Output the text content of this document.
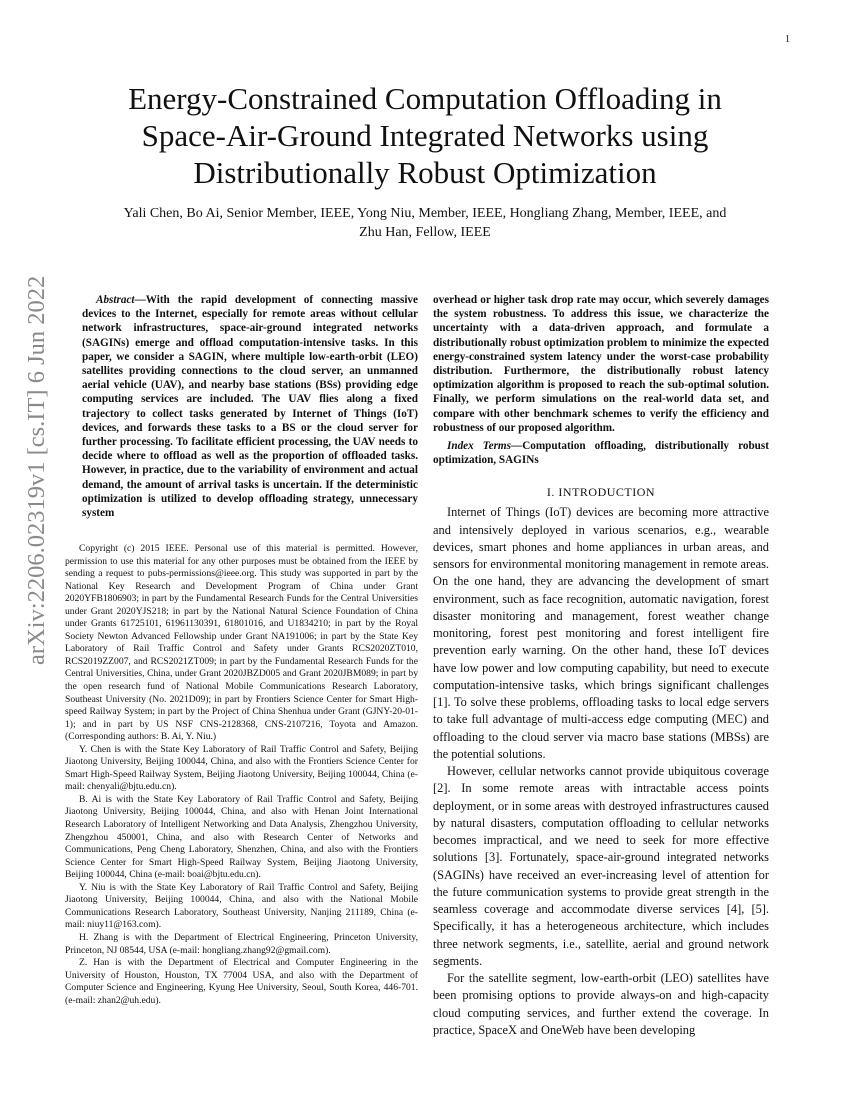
1
arXiv:2206.02319v1 [cs.IT] 6 Jun 2022
Energy-Constrained Computation Offloading in
Space-Air-Ground Integrated Networks using
Distributionally Robust Optimization
Yali Chen, Bo Ai, Senior Member, IEEE, Yong Niu, Member, IEEE, Hongliang Zhang, Member, IEEE, and
Zhu Han, Fellow, IEEE

Abstract—With the rapid development of connecting massive devices to the Internet, especially for remote areas without cellular network infrastructures, space-air-ground integrated networks (SAGINs) emerge and offload computation-intensive tasks. In this paper, we consider a SAGIN, where multiple low-earth-orbit (LEO) satellites providing connections to the cloud server, an unmanned aerial vehicle (UAV), and nearby base stations (BSs) providing edge computing services are included. The UAV flies along a fixed trajectory to collect tasks generated by Internet of Things (IoT) devices, and forwards these tasks to a BS or the cloud server for further processing. To facilitate efficient processing, the UAV needs to decide where to offload as well as the proportion of offloaded tasks. However, in practice, due to the variability of environment and actual demand, the amount of arrival tasks is uncertain. If the deterministic optimization is utilized to develop offloading strategy, unnecessary system

Copyright (c) 2015 IEEE. Personal use of this material is permitted. However, permission to use this material for any other purposes must be obtained from the IEEE by sending a request to pubs-permissions@ieee.org. This study was supported in part by the National Key Research and Development Program of China under Grant 2020YFB1806903; in part by the Fundamental Research Funds for the Central Universities under Grant 2020YJS218; in part by the National Natural Science Foundation of China under Grants 61725101, 61961130391, 61801016, and U1834210; in part by the Royal Society Newton Advanced Fellowship under Grant NA191006; in part by the State Key Laboratory of Rail Traffic Control and Safety under Grants RCS2020ZT010, RCS2019ZZ007, and RCS2021ZT009; in part by the Fundamental Research Funds for the Central Universities, China, under Grant 2020JBZD005 and Grant 2020JBM089; in part by the open research fund of National Mobile Communications Research Laboratory, Southeast University (No. 2021D09); in part by Frontiers Science Center for Smart High-speed Railway System; in part by the Project of China Shenhua under Grant (GJNY-20-01-1); and in part by US NSF CNS-2128368, CNS-2107216, Toyota and Amazon. (Corresponding authors: B. Ai, Y. Niu.)

Y. Chen is with the State Key Laboratory of Rail Traffic Control and Safety, Beijing Jiaotong University, Beijing 100044, China, and also with the Frontiers Science Center for Smart High-Speed Railway System, Beijing Jiaotong University, Beijing 100044, China (e-mail: chenyali@bjtu.edu.cn).

B. Ai is with the State Key Laboratory of Rail Traffic Control and Safety, Beijing Jiaotong University, Beijing 100044, China, and also with Henan Joint International Research Laboratory of Intelligent Networking and Data Analysis, Zhengzhou University, Zhengzhou 450001, China, and also with Research Center of Networks and Communications, Peng Cheng Laboratory, Shenzhen, China, and also with the Frontiers Science Center for Smart High-Speed Railway System, Beijing Jiaotong University, Beijing 100044, China (e-mail: boai@bjtu.edu.cn).

Y. Niu is with the State Key Laboratory of Rail Traffic Control and Safety, Beijing Jiaotong University, Beijing 100044, China, and also with the National Mobile Communications Research Laboratory, Southeast University, Nanjing 211189, China (e-mail: niuy11@163.com).

H. Zhang is with the Department of Electrical Engineering, Princeton University, Princeton, NJ 08544, USA (e-mail: hongliang.zhang92@gmail.com).

Z. Han is with the Department of Electrical and Computer Engineering in the University of Houston, Houston, TX 77004 USA, and also with the Department of Computer Science and Engineering, Kyung Hee University, Seoul, South Korea, 446-701. (e-mail: zhan2@uh.edu).

overhead or higher task drop rate may occur, which severely damages the system robustness. To address this issue, we characterize the uncertainty with a data-driven approach, and formulate a distributionally robust optimization problem to minimize the expected energy-constrained system latency under the worst-case probability distribution. Furthermore, the distributionally robust latency optimization algorithm is proposed to reach the sub-optimal solution. Finally, we perform simulations on the real-world data set, and compare with other benchmark schemes to verify the efficiency and robustness of our proposed algorithm.

Index Terms—Computation offloading, distributionally robust optimization, SAGINs

I. INTRODUCTION

Internet of Things (IoT) devices are becoming more attractive and intensively deployed in various scenarios, e.g., wearable devices, smart phones and home appliances in urban areas, and sensors for environmental monitoring management in remote areas. On the one hand, they are advancing the development of smart environment, such as face recognition, automatic navigation, forest disaster monitoring and management, forest weather change monitoring, forest pest monitoring and forest intelligent fire prevention early warning. On the other hand, these IoT devices have low power and low computing capability, but need to execute computation-intensive tasks, which brings significant challenges [1]. To solve these problems, offloading tasks to local edge servers to take full advantage of multi-access edge computing (MEC) and offloading to the cloud server via macro base stations (MBSs) are the potential solutions.

However, cellular networks cannot provide ubiquitous coverage [2]. In some remote areas with intractable access points deployment, or in some areas with destroyed infrastructures caused by natural disasters, computation offloading to cellular networks becomes impractical, and we need to seek for more effective solutions [3]. Fortunately, space-air-ground integrated networks (SAGINs) have received an ever-increasing level of attention for the future communication systems to provide great strength in the seamless coverage and accommodate diverse services [4], [5]. Specifically, it has a heterogeneous architecture, which includes three network segments, i.e., satellite, aerial and ground network segments.

For the satellite segment, low-earth-orbit (LEO) satellites have been promising options to provide always-on and high-capacity cloud computing services, and further extend the coverage. In practice, SpaceX and OneWeb have been developing
